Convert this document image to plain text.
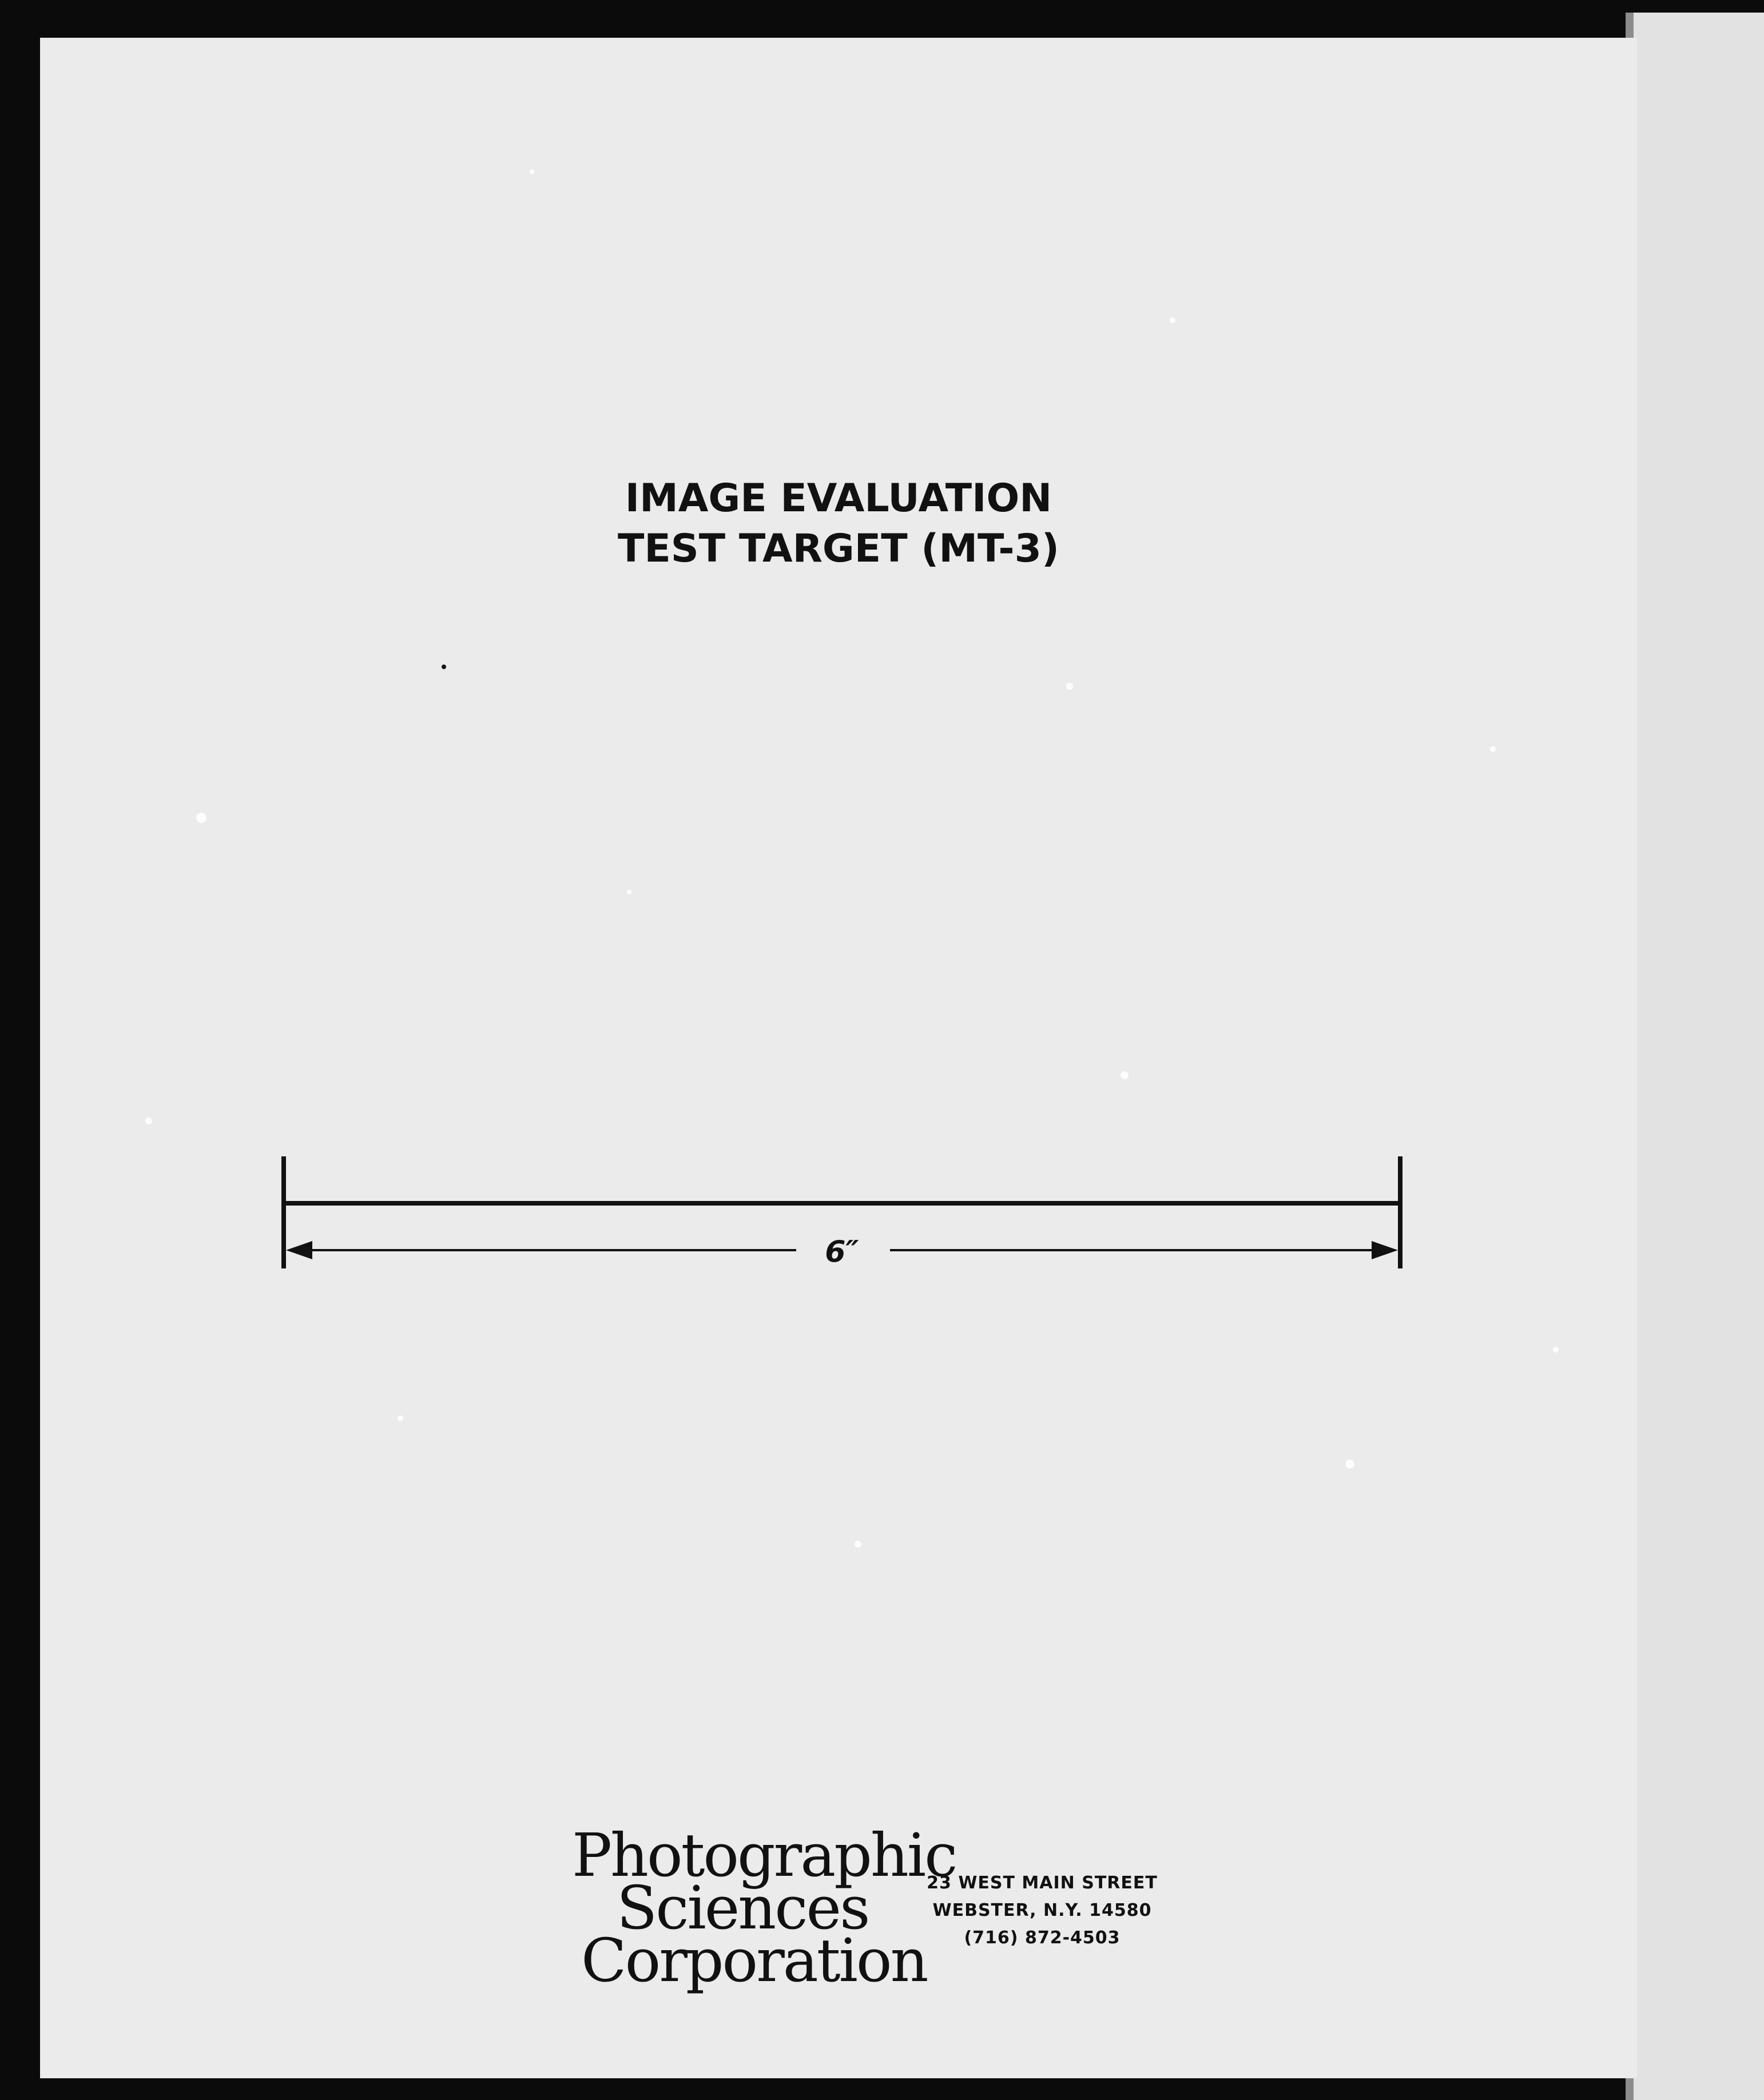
IMAGE EVALUATION
TEST TARGET (MT-3)
6″
Photographic
Sciences
Corporation
23 WEST MAIN STREET
WEBSTER, N.Y. 14580
(716) 872-4503
